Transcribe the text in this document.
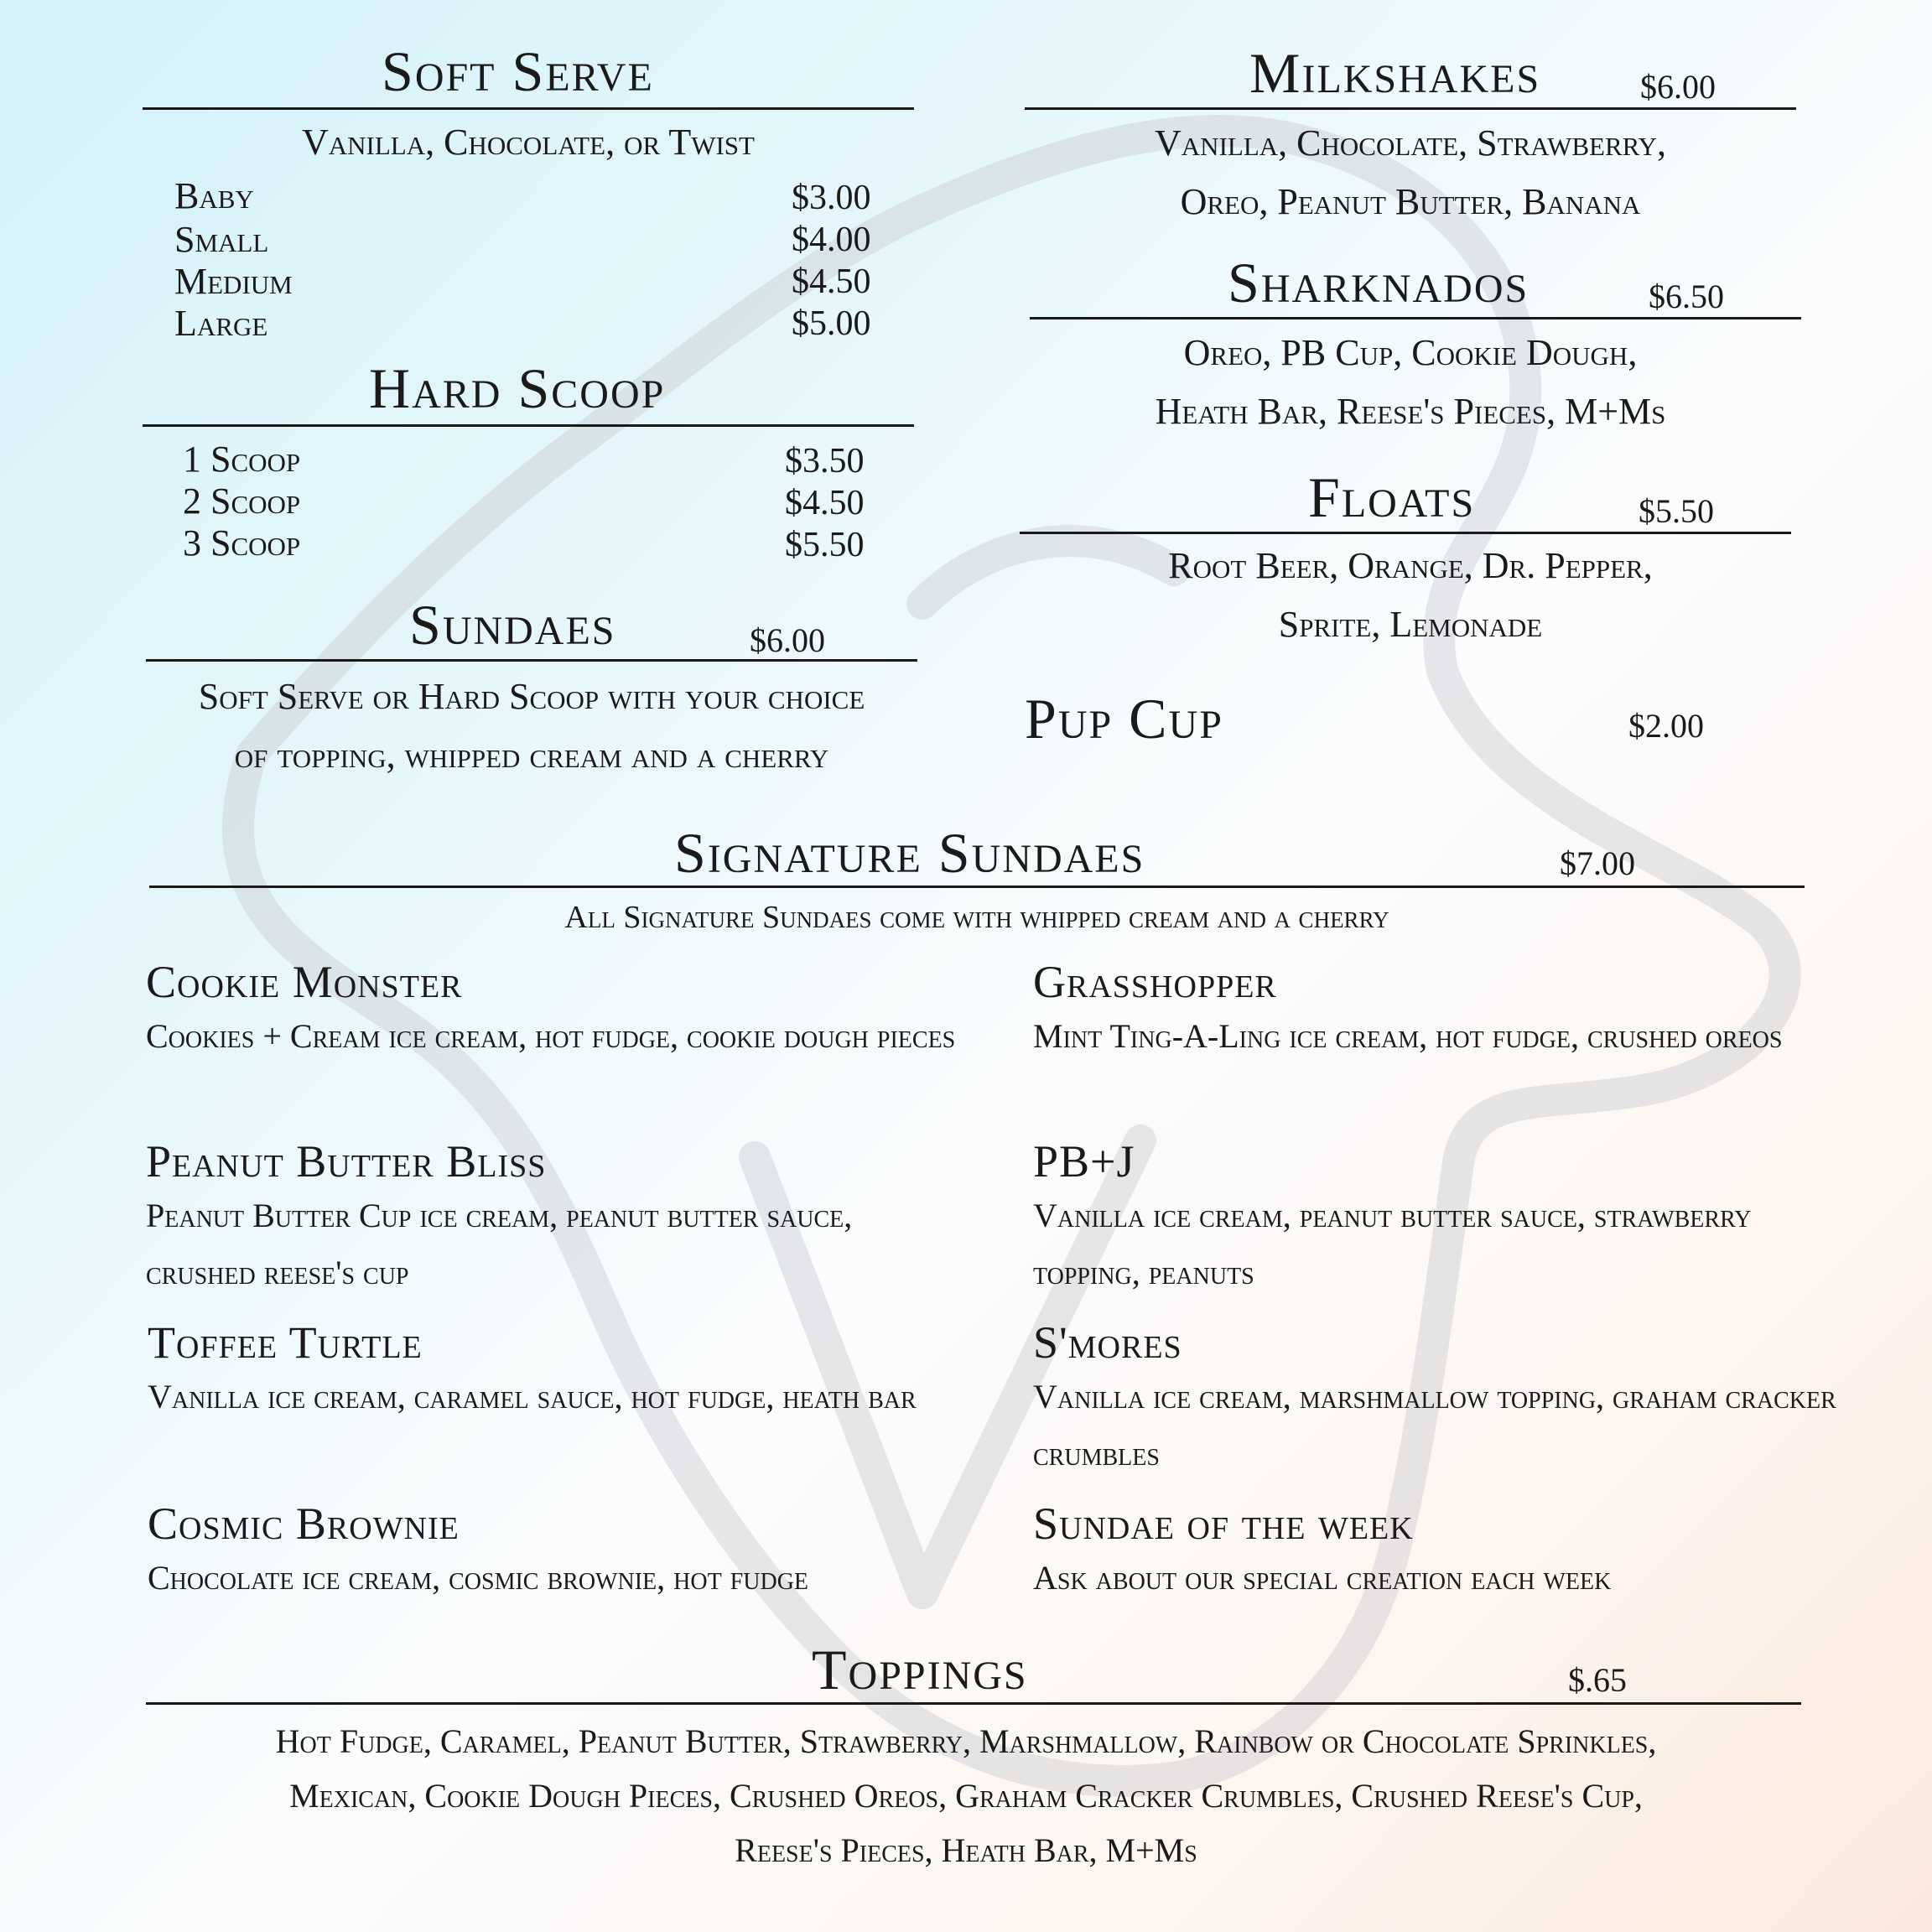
Soft Serve
Vanilla, Chocolate, or Twist
Baby	$3.00
Small	$4.00
Medium	$4.50
Large	$5.00
Hard Scoop
1 Scoop	$3.50
2 Scoop	$4.50
3 Scoop	$5.50
Sundaes	$6.00
Soft Serve or Hard Scoop with your choice
of topping, whipped cream and a cherry
Milkshakes	$6.00
Vanilla, Chocolate, Strawberry,
Oreo, Peanut Butter, Banana
Sharknados	$6.50
Oreo, PB Cup, Cookie Dough,
Heath Bar, Reese's Pieces, M+Ms
Floats	$5.50
Root Beer, Orange, Dr. Pepper,
Sprite, Lemonade
Pup Cup	$2.00
Signature Sundaes	$7.00
All Signature Sundaes come with whipped cream and a cherry
Cookie Monster
Cookies + Cream ice cream, hot fudge, cookie dough pieces
Grasshopper
Mint Ting-A-Ling ice cream, hot fudge, crushed oreos
Peanut Butter Bliss
Peanut Butter Cup ice cream, peanut butter sauce, crushed reese's cup
PB+J
Vanilla ice cream, peanut butter sauce, strawberry topping, peanuts
Toffee Turtle
Vanilla ice cream, caramel sauce, hot fudge, heath bar
S'mores
Vanilla ice cream, marshmallow topping, graham cracker crumbles
Cosmic Brownie
Chocolate ice cream, cosmic brownie, hot fudge
Sundae of the week
Ask about our special creation each week
Toppings	$.65
Hot Fudge, Caramel, Peanut Butter, Strawberry, Marshmallow, Rainbow or Chocolate Sprinkles,
Mexican, Cookie Dough Pieces, Crushed Oreos, Graham Cracker Crumbles, Crushed Reese's Cup,
Reese's Pieces, Heath Bar, M+Ms
